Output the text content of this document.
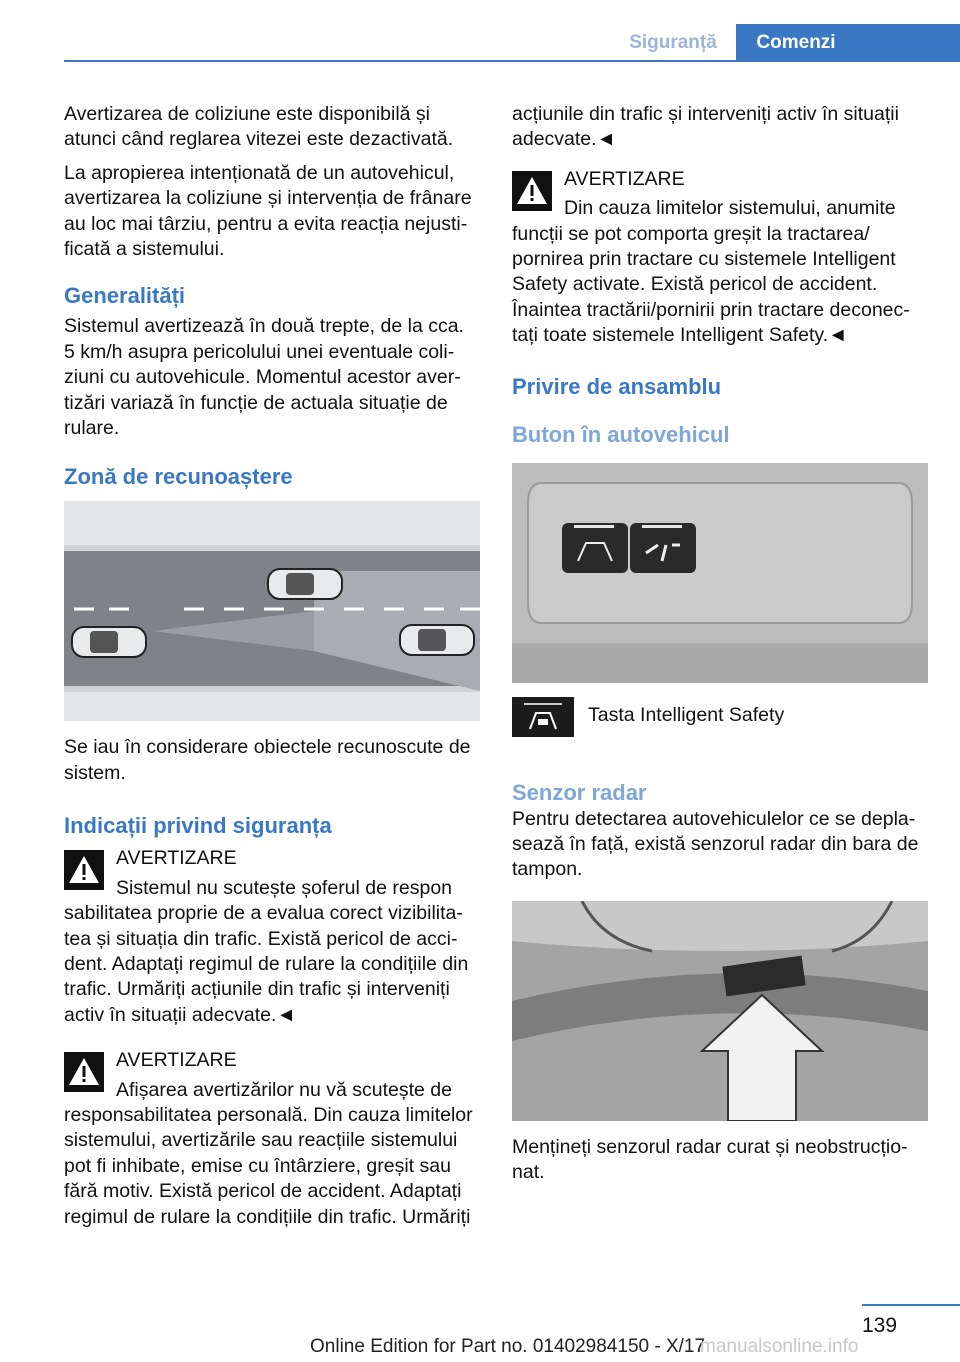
Siguranță	Comenzi

Avertizarea de coliziune este disponibilă și atunci când reglarea vitezei este dezactivată.

La apropierea intenționată de un autovehicul, avertizarea la coliziune și intervenția de frânare au loc mai târziu, pentru a evita reacția nejustificată a sistemului.

Generalități

Sistemul avertizează în două trepte, de la cca. 5 km/h asupra pericolului unei eventuale coliziuni cu autovehicule. Momentul acestor avertizări variază în funcție de actuala situație de rulare.

Zonă de recunoaștere

Se iau în considerare obiectele recunoscute de sistem.

Indicații privind siguranța
AVERTIZARE
Sistemul nu scutește șoferul de respon
sabilitatea proprie de a evalua corect vizibilitatea și situația din trafic. Există pericol de accident. Adaptați regimul de rulare la condițiile din trafic. Urmăriți acțiunile din trafic și interveniți activ în situații adecvate.◄
AVERTIZARE
Afișarea avertizărilor nu vă scutește de
responsabilitatea personală. Din cauza limitelor sistemului, avertizările sau reacțiile sistemului pot fi inhibate, emise cu întârziere, greșit sau fără motiv. Există pericol de accident. Adaptați regimul de rulare la condițiile din trafic. Urmăriți

acțiunile din trafic și interveniți activ în situații adecvate.◄

AVERTIZARE
Din cauza limitelor sistemului, anumite
funcții se pot comporta greșit la tractarea/ pornirea prin tractare cu sistemele Intelligent Safety activate. Există pericol de accident. Înaintea tractării/pornirii prin tractare deconectați toate sistemele Intelligent Safety.◄
Privire de ansamblu
Buton în autovehicul
Tasta Intelligent Safety
Senzor radar

Pentru detectarea autovehiculelor ce se deplasează în față, există senzorul radar din bara de tampon.

Mențineți senzorul radar curat și neobstrucționat.

139
Online Edition for Part no. 01402984150 - X/17
manualsonline.info
